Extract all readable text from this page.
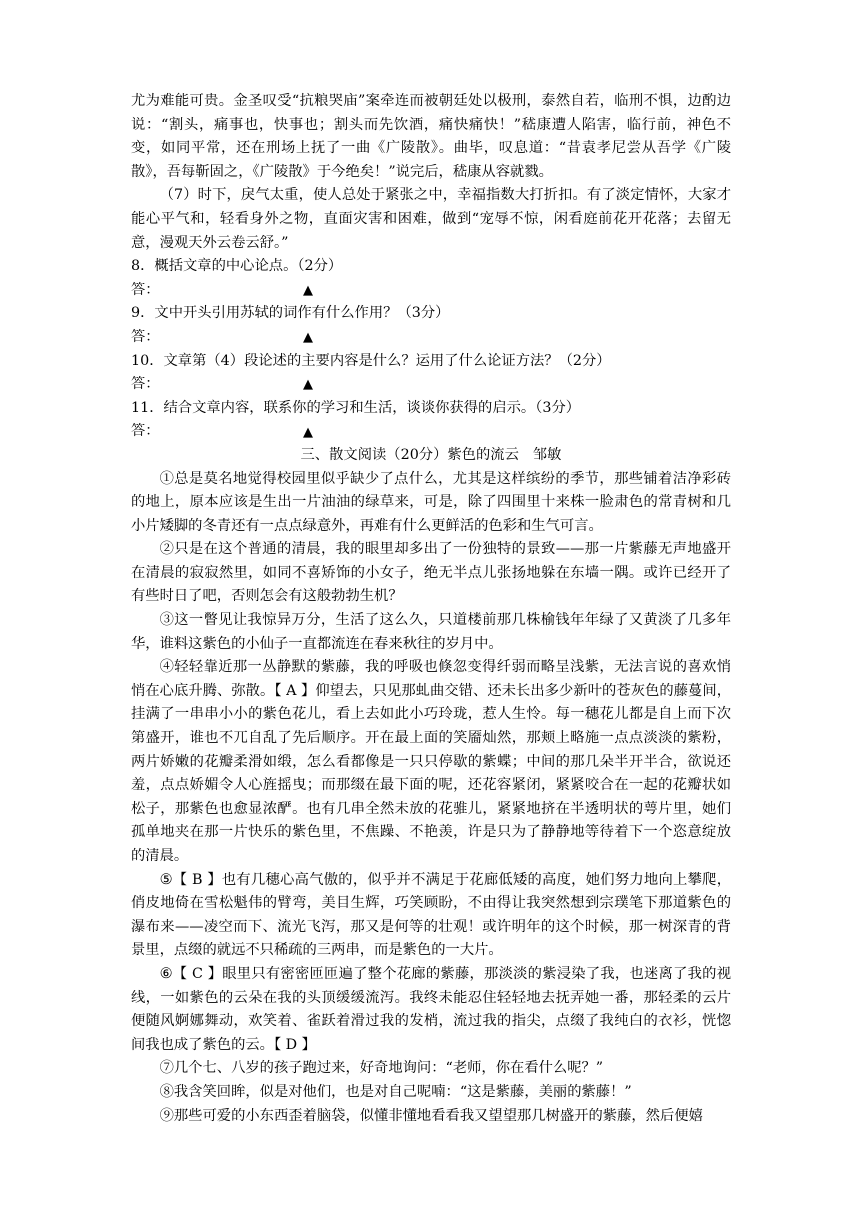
尤为难能可贵。金圣叹受“抗粮哭庙”案牵连而被朝廷处以极刑，泰然自若，临刑不惧，边酌边说：“割头，痛事也，快事也；割头而先饮酒，痛快痛快！”嵇康遭人陷害，临行前，神色不变，如同平常，还在刑场上抚了一曲《广陵散》。曲毕，叹息道：“昔袁孝尼尝从吾学《广陵散》，吾每靳固之，《广陵散》于今绝矣！”说完后，嵇康从容就戮。

（7）时下，戾气太重，使人总处于紧张之中，幸福指数大打折扣。有了淡定情怀，大家才能心平气和，轻看身外之物，直面灾害和困难，做到“宠辱不惊，闲看庭前花开花落；去留无意，漫观天外云卷云舒。”

8．概括文章的中心论点。（2分）

答：	▲

9．文中开头引用苏轼的词作有什么作用？（3分）

答：	▲

10．文章第（4）段论述的主要内容是什么？运用了什么论证方法？（2分）

答：	▲

11．结合文章内容，联系你的学习和生活，谈谈你获得的启示。（3分）

答：	▲

三、散文阅读（20分）紫色的流云 邹敏

①总是莫名地觉得校园里似乎缺少了点什么，尤其是这样缤纷的季节，那些铺着洁净彩砖的地上，原本应该是生出一片油油的绿草来，可是，除了四围里十来株一脸肃色的常青树和几小片矮脚的冬青还有一点点绿意外，再难有什么更鲜活的色彩和生气可言。

②只是在这个普通的清晨，我的眼里却多出了一份独特的景致——那一片紫藤无声地盛开在清晨的寂寂然里，如同不喜矫饰的小女子，绝无半点儿张扬地躲在东墙一隅。或许已经开了有些时日了吧，否则怎会有这般勃勃生机？

③这一瞥见让我惊异万分，生活了这么久，只道楼前那几株榆钱年年绿了又黄淡了几多年华，谁料这紫色的小仙子一直都流连在春来秋往的岁月中。

④轻轻靠近那一丛静默的紫藤，我的呼吸也倏忽变得纤弱而略呈浅紫，无法言说的喜欢悄悄在心底升腾、弥散。【 A 】仰望去，只见那虬曲交错、还未长出多少新叶的苍灰色的藤蔓间，挂满了一串串小小的紫色花儿，看上去如此小巧玲珑，惹人生怜。每一穗花儿都是自上而下次第盛开，谁也不兀自乱了先后顺序。开在最上面的笑靥灿然，那颊上略施一点点淡淡的紫粉，两片娇嫩的花瓣柔滑如缎，怎么看都像是一只只停歇的紫蝶；中间的那几朵半开半合，欲说还羞，点点娇媚令人心旌摇曳；而那缀在最下面的呢，还花容紧闭，紧紧咬合在一起的花瓣状如松子，那紫色也愈显浓酽。也有几串全然未放的花骓儿，紧紧地挤在半透明状的萼片里，她们孤单地夹在那一片快乐的紫色里，不焦躁、不艳羡，许是只为了静静地等待着下一个恣意绽放的清晨。

⑤【 B 】也有几穗心高气傲的，似乎并不满足于花廊低矮的高度，她们努力地向上攀爬，俏皮地倚在雪松魁伟的臂弯，美目生辉，巧笑顾盼，不由得让我突然想到宗璞笔下那道紫色的瀑布来——凌空而下、流光飞泻，那又是何等的壮观！或许明年的这个时候，那一树深青的背景里，点缀的就远不只稀疏的三两串，而是紫色的一大片。

⑥【 C 】眼里只有密密匝匝遍了整个花廊的紫藤，那淡淡的紫浸染了我，也迷离了我的视线，一如紫色的云朵在我的头顶缓缓流泻。我终未能忍住轻轻地去抚弄她一番，那轻柔的云片便随风婀娜舞动，欢笑着、雀跃着滑过我的发梢，流过我的指尖，点缀了我纯白的衣衫，恍惚间我也成了紫色的云。【 D 】

⑦几个七、八岁的孩子跑过来，好奇地询问：“老师，你在看什么呢？”

⑧我含笑回眸，似是对他们，也是对自己呢喃：“这是紫藤，美丽的紫藤！”

⑨那些可爱的小东西歪着脑袋，似懂非懂地看看我又望望那几树盛开的紫藤，然后便嬉
